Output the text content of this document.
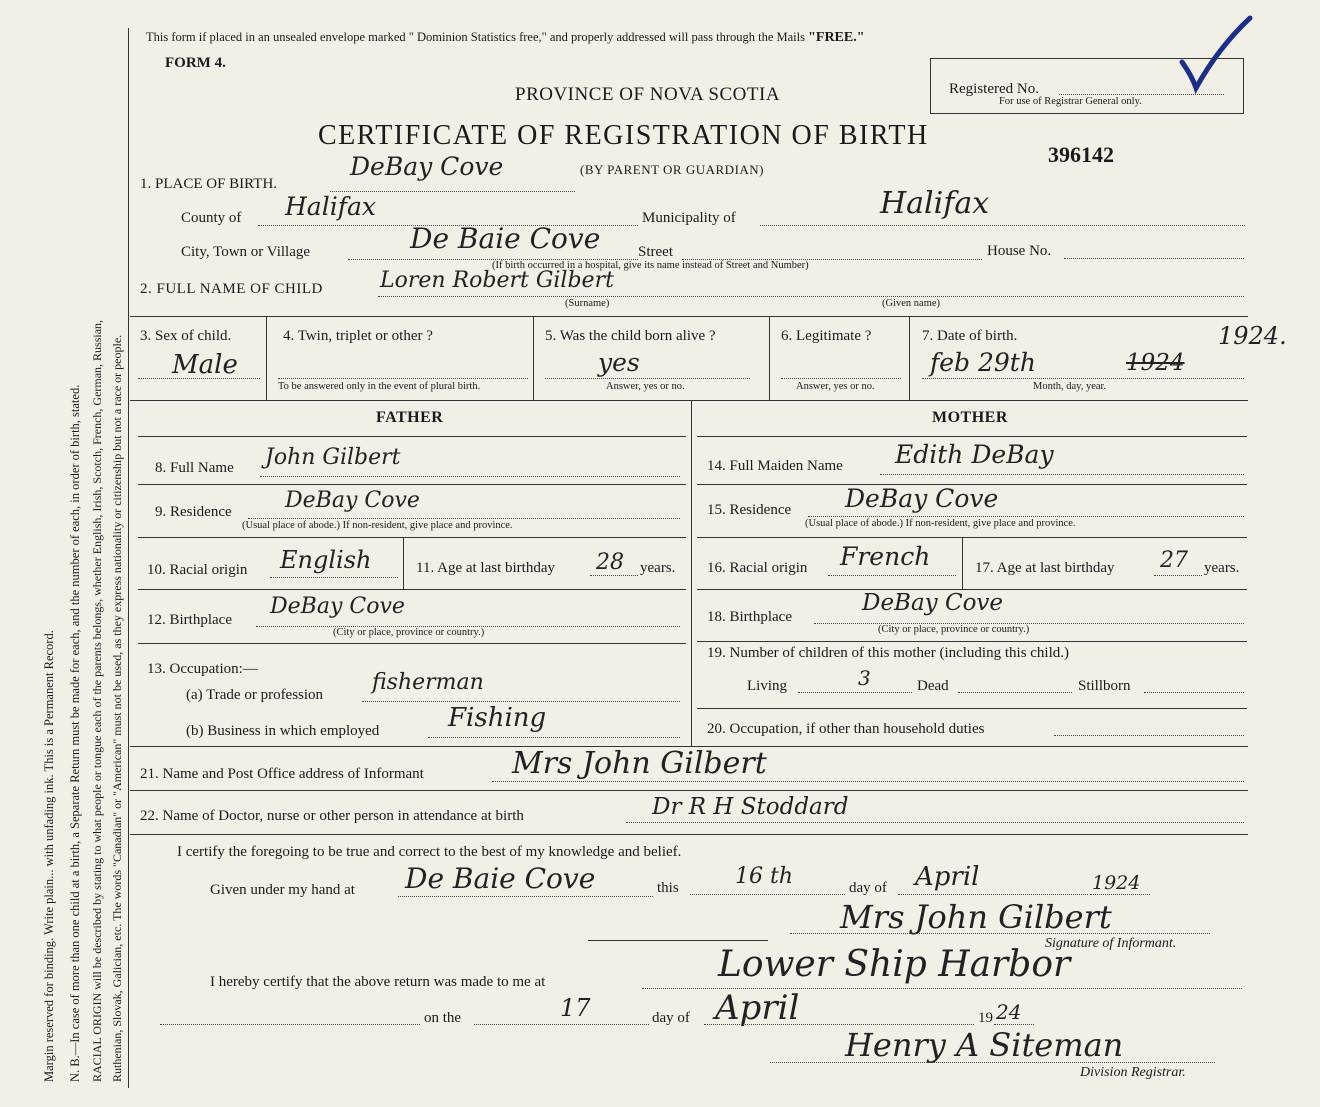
Margin reserved for binding. Write plain... with unfading ink. This is a Permanent Record. N. B.—In case of more than one child at a birth, a Separate Return must be made for each, and the number of each, in order of birth, stated. RACIAL ORIGIN will be described by stating to what people or tongue each of the parents belongs, whether English, Irish, Scotch, French, German, Russian, Ruthenian, Slovak, Galician, etc. The words "Canadian" or "American" must not be used, as they express nationality or citizenship but not a race or people.
This form if placed in an unsealed envelope marked " Dominion Statistics free," and properly addressed will pass through the Mails "FREE."
FORM 4.
PROVINCE OF NOVA SCOTIA
CERTIFICATE OF REGISTRATION OF BIRTH
(BY PARENT OR GUARDIAN)
Registered No.
For use of Registrar General only.
396142
1. PLACE OF BIRTH.
DeBay Cove
County of Halifax	Municipality of	Halifax
City, Town or Village	De Baie Cove	Street	House No.
(If birth occurred in a hospital, give its name instead of Street and Number)
2. FULL NAME OF CHILD	Loren Robert Gilbert
(Surname)	(Given name)
3. Sex of child.
Male
4. Twin, triplet or other ?
To be answered only in the event of plural birth.
5. Was the child born alive ?
yes
Answer, yes or no.
6. Legitimate ?
Answer, yes or no.
7. Date of birth.	1924.
feb 29th	1924
Month, day, year.
FATHER	MOTHER
8. Full Name John Gilbert
9. Residence DeBay Cove
(Usual place of abode.) If non-resident, give place and province.
10. Racial origin English	11. Age at last birthday 28 years.
12. Birthplace
DeBay Cove
(City or place, province or country.)
13. Occupation:—
(a) Trade or profession fisherman
(b) Business in which employed	Fishing
14. Full Maiden Name Edith DeBay
15. Residence DeBay Cove
(Usual place of abode.) If non-resident, give place and province.
16. Racial origin French	17. Age at last birthday 27 years.
18. Birthplace
DeBay Cove
(City or place, province or country.)
19. Number of children of this mother (including this child.)
Living	3	Dead	Stillborn
20. Occupation, if other than household duties
21. Name and Post Office address of Informant	Mrs John Gilbert
22. Name of Doctor, nurse or other person in attendance at birth	Dr R H Stoddard
I certify the foregoing to be true and correct to the best of my knowledge and belief.
Given under my hand at De Baie Cove	this	16 th	day of April	1924
Mrs John Gilbert
Signature of Informant.
I hereby certify that the above return was made to me at	Lower Ship Harbor
on the	17	day of April	19 24
Henry A Siteman
Division Registrar.
